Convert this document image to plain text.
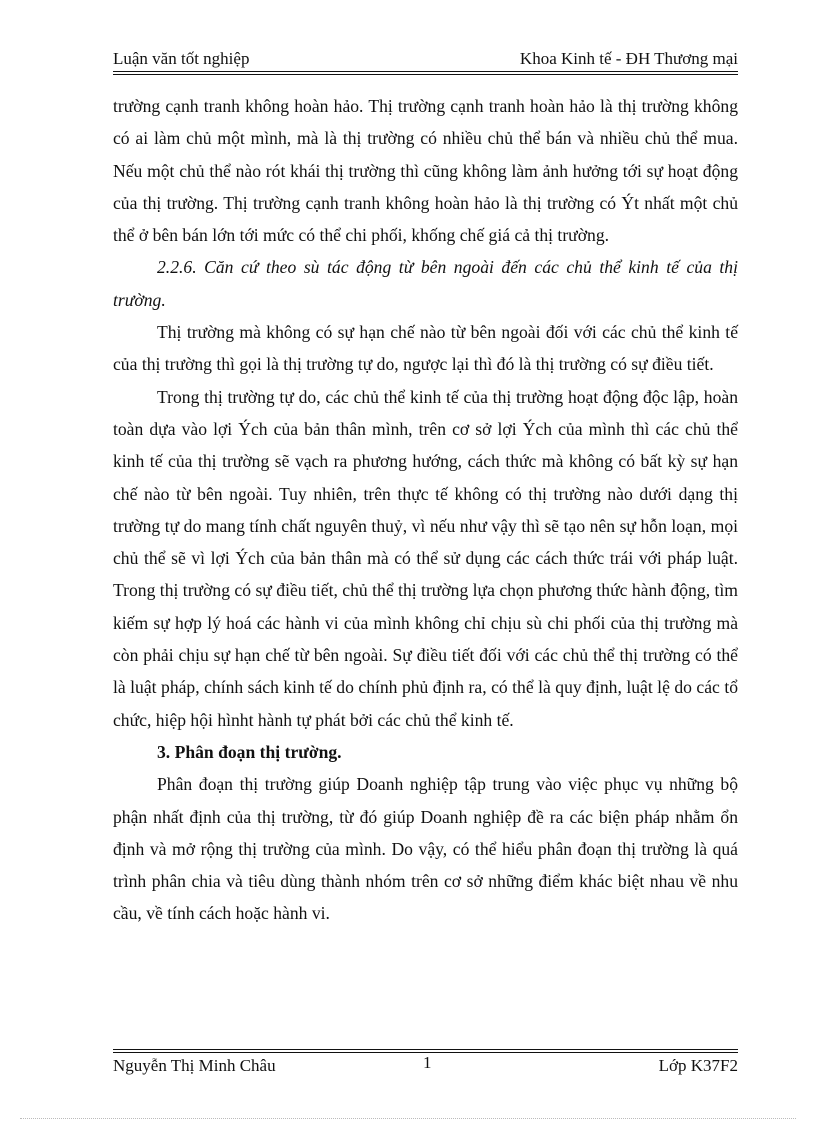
Luận văn tốt nghiệp	Khoa Kinh tế - ĐH Thương mại

trường cạnh tranh không hoàn hảo. Thị trường cạnh tranh hoàn hảo là thị trường không có ai làm chủ một mình, mà là thị trường có nhiều chủ thể bán và nhiều chủ thể mua. Nếu một chủ thể nào rót khái thị trường thì cũng không làm ảnh hưởng tới sự hoạt động của thị trường. Thị trường cạnh tranh không hoàn hảo là thị trường có Ýt nhất một chủ thể ở bên bán lớn tới mức có thể chi phối, khống chế giá cả thị trường.

2.2.6. Căn cứ theo sù tác động từ bên ngoài đến các chủ thể kinh tế của thị trường.

Thị trường mà không có sự hạn chế nào từ bên ngoài đối với các chủ thể kinh tế của thị trường thì gọi là thị trường tự do, ngược lại thì đó là thị trường có sự điều tiết.

Trong thị trường tự do, các chủ thể kinh tế của thị trường hoạt động độc lập, hoàn toàn dựa vào lợi Ých của bản thân mình, trên cơ sở lợi Ých của mình thì các chủ thể kinh tế của thị trường sẽ vạch ra phương hướng, cách thức mà không có bất kỳ sự hạn chế nào từ bên ngoài. Tuy nhiên, trên thực tế không có thị trường nào dưới dạng thị trường tự do mang tính chất nguyên thuỷ, vì nếu như vậy thì sẽ tạo nên sự hỗn loạn, mọi chủ thể sẽ vì lợi Ých của bản thân mà có thể sử dụng các cách thức trái với pháp luật. Trong thị trường có sự điều tiết, chủ thể thị trường lựa chọn phương thức hành động, tìm kiếm sự hợp lý hoá các hành vi của mình không chỉ chịu sù chi phối của thị trường mà còn phải chịu sự hạn chế từ bên ngoài. Sự điều tiết đối với các chủ thể thị trường có thể là luật pháp, chính sách kinh tế do chính phủ định ra, có thể là quy định, luật lệ do các tổ chức, hiệp hội hìnht hành tự phát bởi các chủ thể kinh tế.

3. Phân đoạn thị trường.

Phân đoạn thị trường giúp Doanh nghiệp tập trung vào việc phục vụ những bộ phận nhất định của thị trường, từ đó giúp Doanh nghiệp đề ra các biện pháp nhằm ổn định và mở rộng thị trường của mình. Do vậy, có thể hiểu phân đoạn thị trường là quá trình phân chia và tiêu dùng thành nhóm trên cơ sở những điểm khác biệt nhau về nhu cầu, về tính cách hoặc hành vi.

Nguyễn Thị Minh Châu	1	Lớp K37F2
